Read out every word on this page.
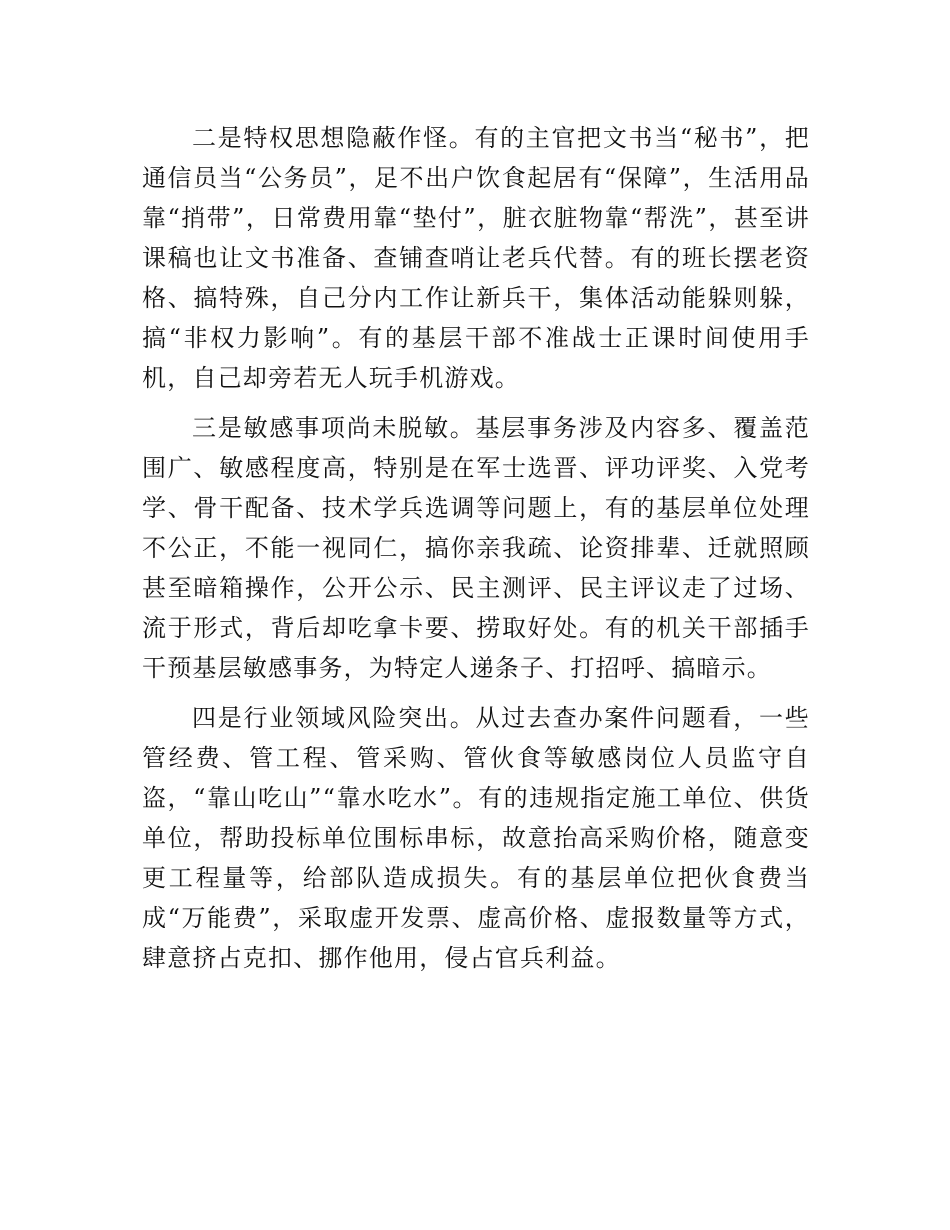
二是特权思想隐蔽作怪。有的主官把文书当“秘书”，把通信员当“公务员”，足不出户饮食起居有“保障”，生活用品靠“捎带”，日常费用靠“垫付”，脏衣脏物靠“帮洗”，甚至讲课稿也让文书准备、查铺查哨让老兵代替。有的班长摆老资格、搞特殊，自己分内工作让新兵干，集体活动能躲则躲，搞“非权力影响”。有的基层干部不准战士正课时间使用手机，自己却旁若无人玩手机游戏。

三是敏感事项尚未脱敏。基层事务涉及内容多、覆盖范围广、敏感程度高，特别是在军士选晋、评功评奖、入党考学、骨干配备、技术学兵选调等问题上，有的基层单位处理不公正，不能一视同仁，搞你亲我疏、论资排辈、迁就照顾甚至暗箱操作，公开公示、民主测评、民主评议走了过场、流于形式，背后却吃拿卡要、捞取好处。有的机关干部插手干预基层敏感事务，为特定人递条子、打招呼、搞暗示。

四是行业领域风险突出。从过去查办案件问题看，一些管经费、管工程、管采购、管伙食等敏感岗位人员监守自盗，“靠山吃山”“靠水吃水”。有的违规指定施工单位、供货单位，帮助投标单位围标串标，故意抬高采购价格，随意变更工程量等，给部队造成损失。有的基层单位把伙食费当成“万能费”，采取虚开发票、虚高价格、虚报数量等方式，肆意挤占克扣、挪作他用，侵占官兵利益。
